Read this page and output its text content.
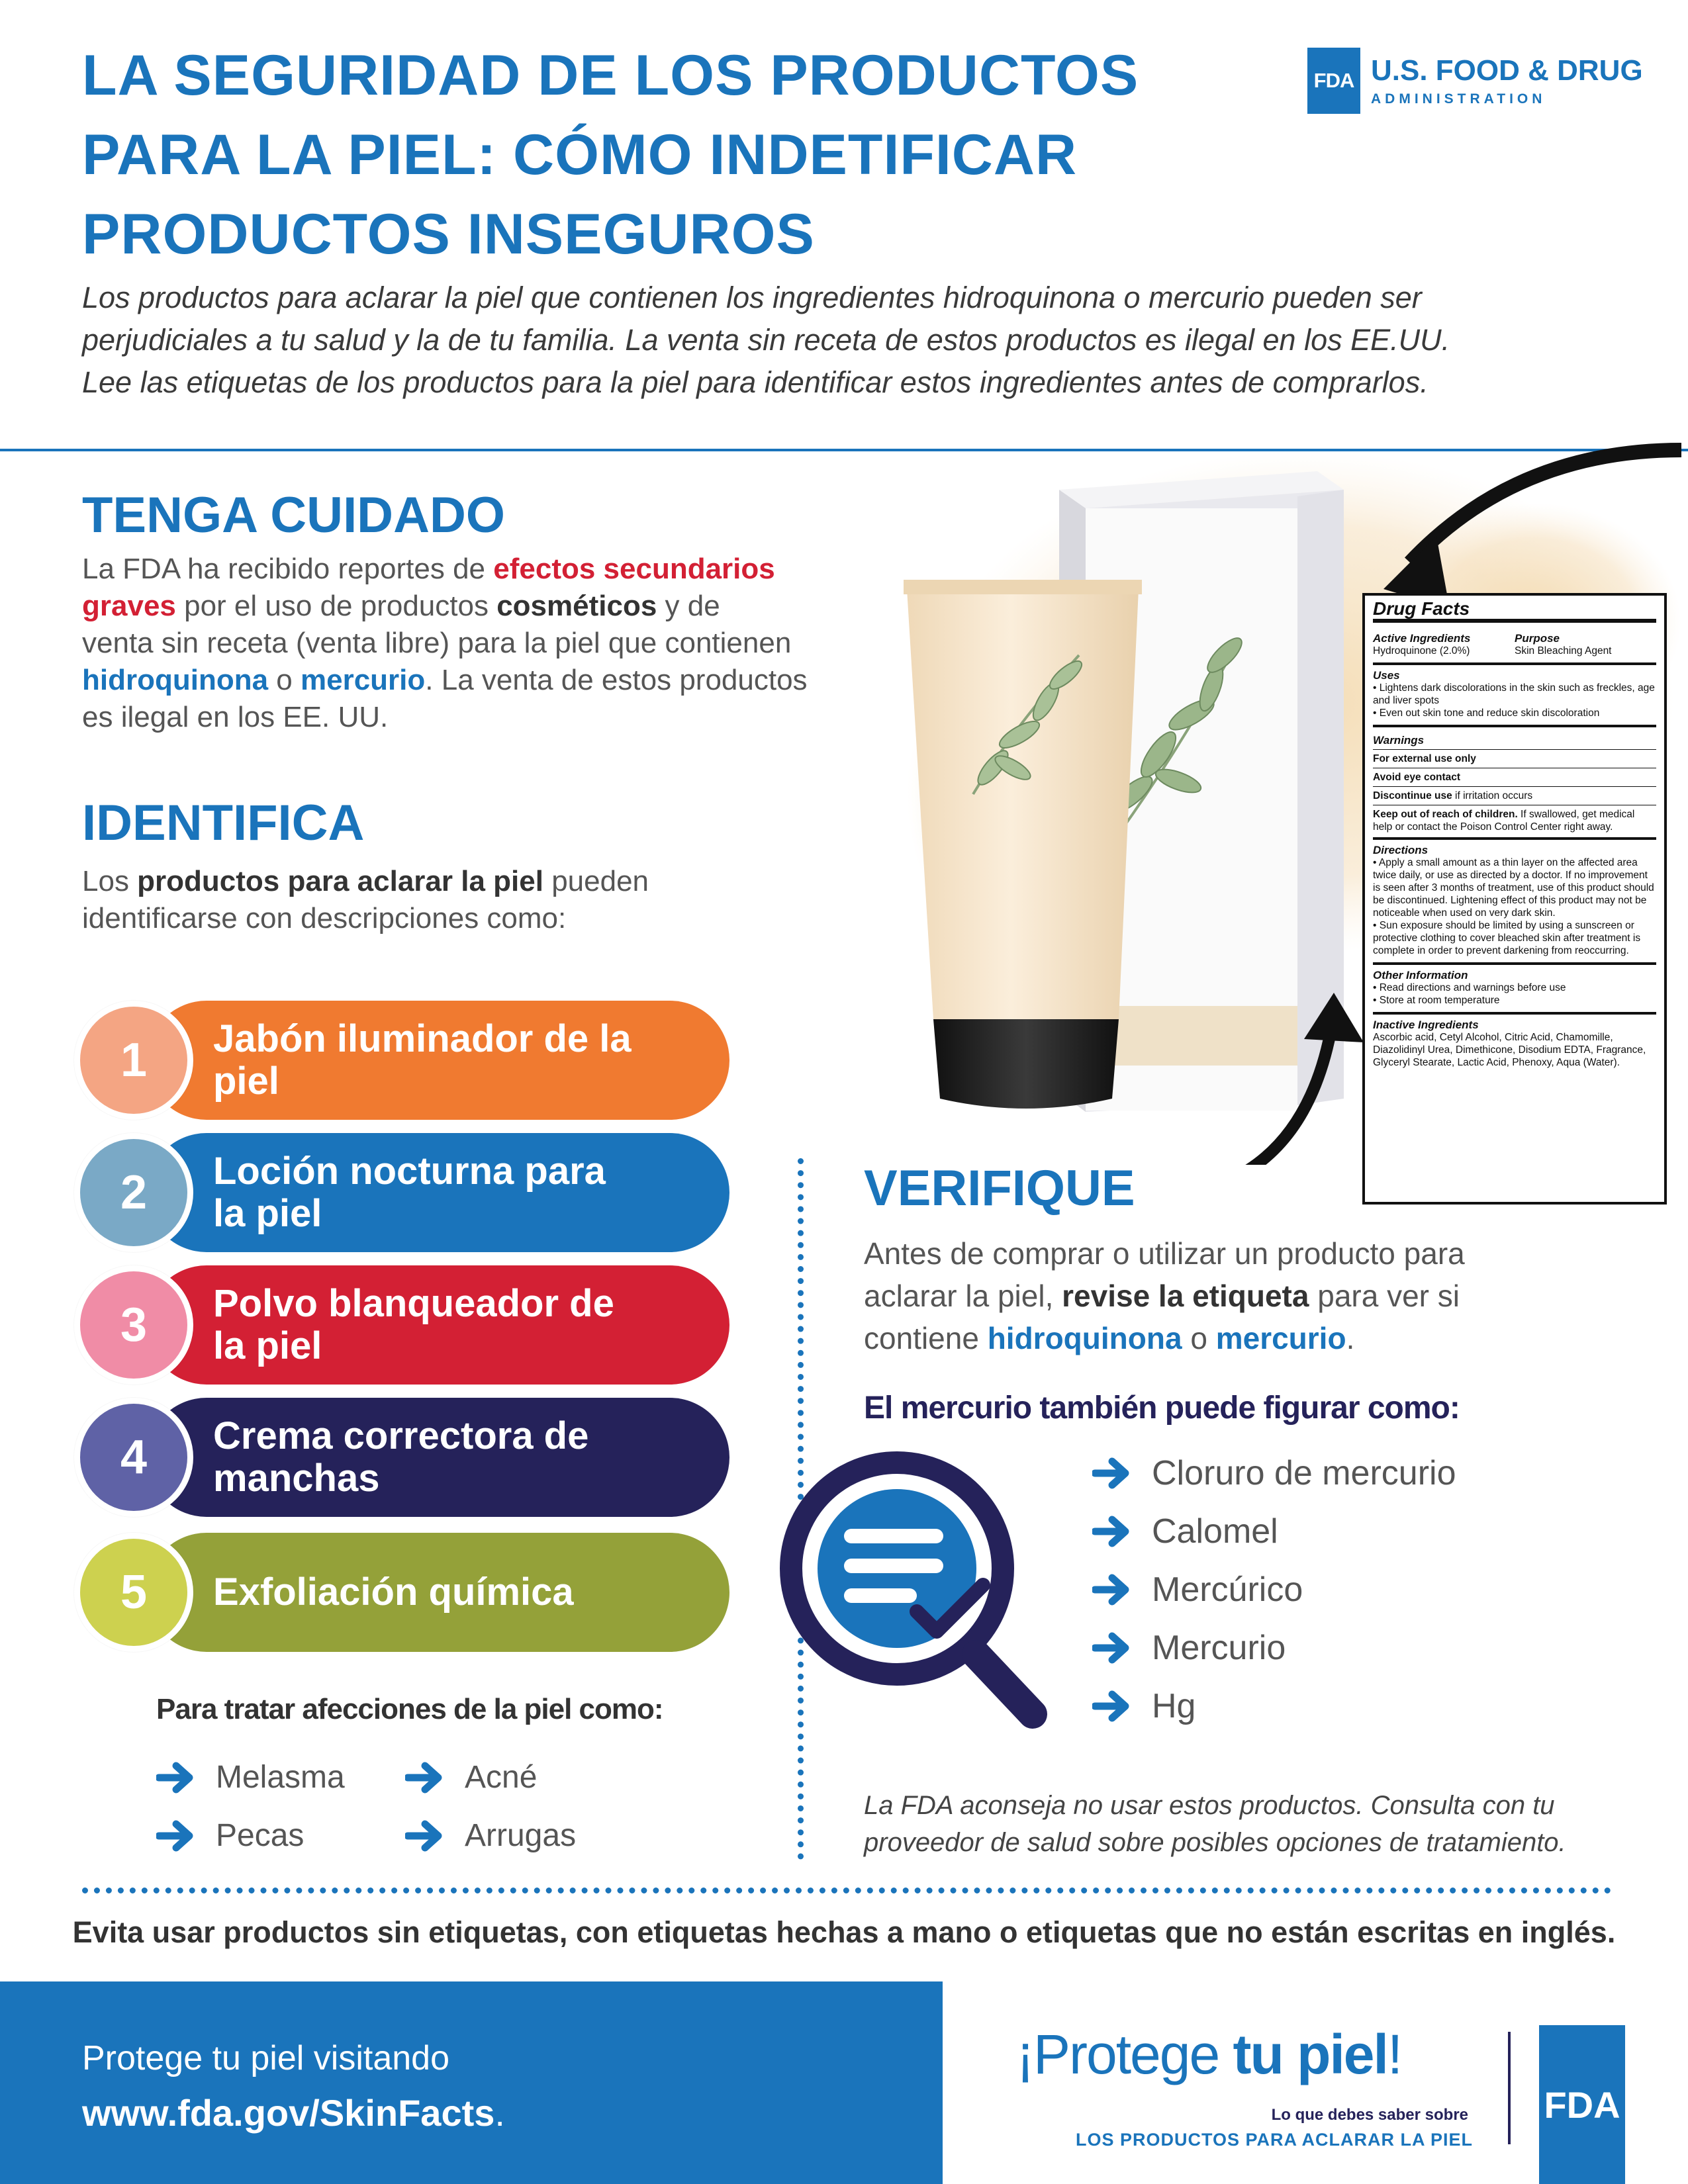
LA SEGURIDAD DE LOS PRODUCTOS
PARA LA PIEL: CÓMO INDETIFICAR
PRODUCTOS INSEGUROS
FDA U.S. FOOD & DRUG
ADMINISTRATION
Los productos para aclarar la piel que contienen los ingredientes hidroquinona o mercurio pueden ser
perjudiciales a tu salud y la de tu familia. La venta sin receta de estos productos es ilegal en los EE.UU.
Lee las etiquetas de los productos para la piel para identificar estos ingredientes antes de comprarlos.
Drug Facts
Active Ingredients
Hydroquinone (2.0%)
Purpose
Skin Bleaching Agent
Uses
• Lightens dark discolorations in the skin such as freckles, age and liver spots
• Even out skin tone and reduce skin discoloration
Warnings
For external use only
Avoid eye contact
Discontinue use if irritation occurs
Keep out of reach of children. If swallowed, get medical help or contact the Poison Control Center right away.
Directions
• Apply a small amount as a thin layer on the affected area twice daily, or use as directed by a doctor. If no improvement is seen after 3 months of treatment, use of this product should be discontinued. Lightening effect of this product may not be noticeable when used on very dark skin.
• Sun exposure should be limited by using a sunscreen or protective clothing to cover bleached skin after treatment is complete in order to prevent darkening from reoccurring.
Other Information
• Read directions and warnings before use
• Store at room temperature
Inactive Ingredients
Ascorbic acid, Cetyl Alcohol, Citric Acid, Chamomille, Diazolidinyl Urea, Dimethicone, Disodium EDTA, Fragrance, Glyceryl Stearate, Lactic Acid, Phenoxy, Aqua (Water).
TENGA CUIDADO
La FDA ha recibido reportes de efectos secundarios
graves por el uso de productos cosméticos y de
venta sin receta (venta libre) para la piel que contienen
hidroquinona o mercurio. La venta de estos productos
es ilegal en los EE. UU.
IDENTIFICA
Los productos para aclarar la piel pueden
identificarse con descripciones como:
1	Jabón iluminador de la
piel
2	Loción nocturna para
la piel
3	Polvo blanqueador de
la piel
4	Crema correctora de
manchas
5	Exfoliación química
Para tratar afecciones de la piel como:
Melasma	Acné
Pecas	Arrugas
VERIFIQUE
Antes de comprar o utilizar un producto para
aclarar la piel, revise la etiqueta para ver si
contiene hidroquinona o mercurio.
El mercurio también puede figurar como:
Cloruro de mercurio
Calomel
Mercúrico
Mercurio
Hg
La FDA aconseja no usar estos productos. Consulta con tu
proveedor de salud sobre posibles opciones de tratamiento.
Evita usar productos sin etiquetas, con etiquetas hechas a mano o etiquetas que no están escritas en inglés.
Protege tu piel visitando
www.fda.gov/SkinFacts.
¡Protege tu piel!
Lo que debes saber sobre
LOS PRODUCTOS PARA ACLARAR LA PIEL
FDA
